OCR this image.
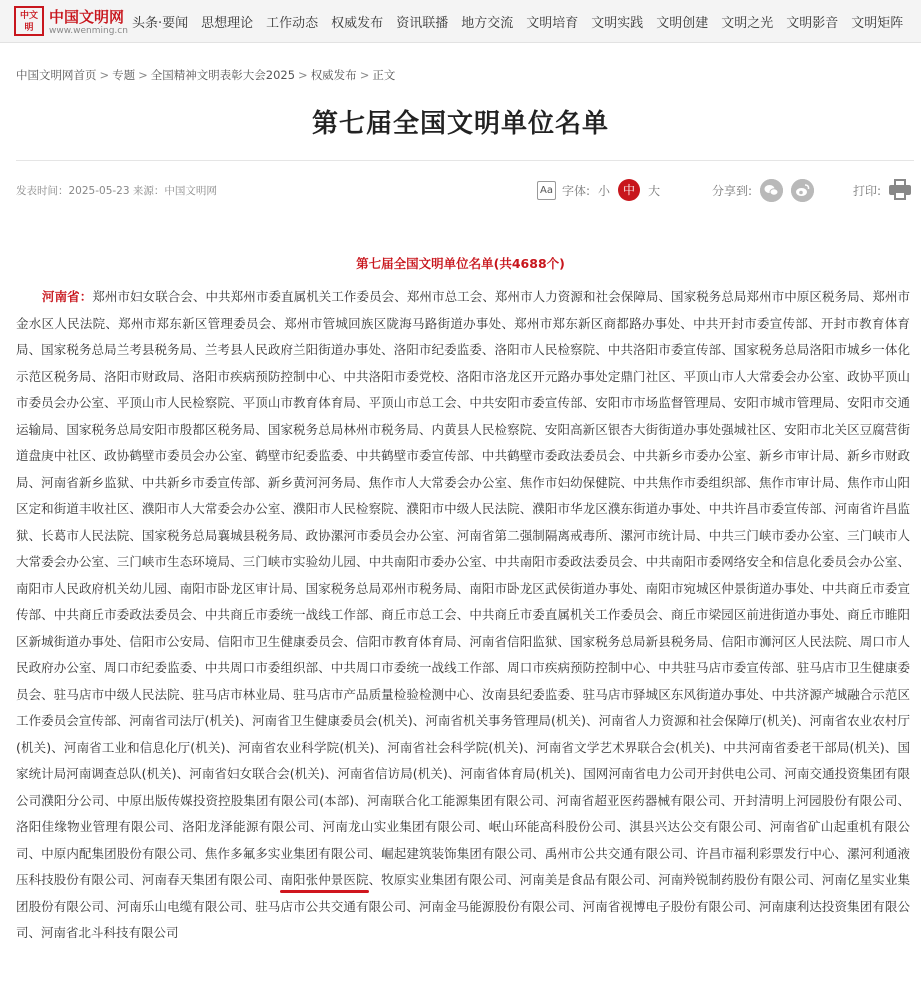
中文明
中国文明网
www.wenming.cn 头条·要闻 思想理论 工作动态 权威发布 资讯联播 地方交流 文明培育 文明实践 文明创建 文明之光 文明影音 文明矩阵
中国文明网首页 > 专题 > 全国精神文明表彰大会2025 > 权威发布 > 正文
第七届全国文明单位名单
发表时间：2025-05-23 来源：中国文明网	Aa 字体: 小	中	大	分享到:	打印:
第七届全国文明单位名单(共4688个)
河南省：郑州市妇女联合会、中共郑州市委直属机关工作委员会、郑州市总工会、郑州市人力资源和社会保障局、国家税务总局郑州市中原区税务局、郑州市金水区人民法院、郑州市郑东新区管理委员会、郑州市管城回族区陇海马路街道办事处、郑州市郑东新区商都路办事处、中共开封市委宣传部、开封市教育体育局、国家税务总局兰考县税务局、兰考县人民政府兰阳街道办事处、洛阳市纪委监委、洛阳市人民检察院、中共洛阳市委宣传部、国家税务总局洛阳市城乡一体化示范区税务局、洛阳市财政局、洛阳市疾病预防控制中心、中共洛阳市委党校、洛阳市洛龙区开元路办事处定鼎门社区、平顶山市人大常委会办公室、政协平顶山市委员会办公室、平顶山市人民检察院、平顶山市教育体育局、平顶山市总工会、中共安阳市委宣传部、安阳市市场监督管理局、安阳市城市管理局、安阳市交通运输局、国家税务总局安阳市殷都区税务局、国家税务总局林州市税务局、内黄县人民检察院、安阳高新区银杏大街街道办事处强城社区、安阳市北关区豆腐营街道盘庚中社区、政协鹤壁市委员会办公室、鹤壁市纪委监委、中共鹤壁市委宣传部、中共鹤壁市委政法委员会、中共新乡市委办公室、新乡市审计局、新乡市财政局、河南省新乡监狱、中共新乡市委宣传部、新乡黄河河务局、焦作市人大常委会办公室、焦作市妇幼保健院、中共焦作市委组织部、焦作市审计局、焦作市山阳区定和街道丰收社区、濮阳市人大常委会办公室、濮阳市人民检察院、濮阳市中级人民法院、濮阳市华龙区濮东街道办事处、中共许昌市委宣传部、河南省许昌监狱、长葛市人民法院、国家税务总局襄城县税务局、政协漯河市委员会办公室、河南省第二强制隔离戒毒所、漯河市统计局、中共三门峡市委办公室、三门峡市人大常委会办公室、三门峡市生态环境局、三门峡市实验幼儿园、中共南阳市委办公室、中共南阳市委政法委员会、中共南阳市委网络安全和信息化委员会办公室、南阳市人民政府机关幼儿园、南阳市卧龙区审计局、国家税务总局邓州市税务局、南阳市卧龙区武侯街道办事处、南阳市宛城区仲景街道办事处、中共商丘市委宣传部、中共商丘市委政法委员会、中共商丘市委统一战线工作部、商丘市总工会、中共商丘市委直属机关工作委员会、商丘市梁园区前进街道办事处、商丘市睢阳区新城街道办事处、信阳市公安局、信阳市卫生健康委员会、信阳市教育体育局、河南省信阳监狱、国家税务总局新县税务局、信阳市浉河区人民法院、周口市人民政府办公室、周口市纪委监委、中共周口市委组织部、中共周口市委统一战线工作部、周口市疾病预防控制中心、中共驻马店市委宣传部、驻马店市卫生健康委员会、驻马店市中级人民法院、驻马店市林业局、驻马店市产品质量检验检测中心、汝南县纪委监委、驻马店市驿城区东风街道办事处、中共济源产城融合示范区工作委员会宣传部、河南省司法厅(机关)、河南省卫生健康委员会(机关)、河南省机关事务管理局(机关)、河南省人力资源和社会保障厅(机关)、河南省农业农村厅(机关)、河南省工业和信息化厅(机关)、河南省农业科学院(机关)、河南省社会科学院(机关)、河南省文学艺术界联合会(机关)、中共河南省委老干部局(机关)、国家统计局河南调查总队(机关)、河南省妇女联合会(机关)、河南省信访局(机关)、河南省体育局(机关)、国网河南省电力公司开封供电公司、河南交通投资集团有限公司濮阳分公司、中原出版传媒投资控股集团有限公司(本部)、河南联合化工能源集团有限公司、河南省超亚医药器械有限公司、开封清明上河园股份有限公司、洛阳佳缘物业管理有限公司、洛阳龙泽能源有限公司、河南龙山实业集团有限公司、岷山环能高科股份公司、淇县兴达公交有限公司、河南省矿山起重机有限公司、中原内配集团股份有限公司、焦作多氟多实业集团有限公司、崛起建筑装饰集团有限公司、禹州市公共交通有限公司、许昌市福利彩票发行中心、漯河利通液压科技股份有限公司、河南春天集团有限公司、南阳张仲景医院、牧原实业集团有限公司、河南美是食品有限公司、河南羚锐制药股份有限公司、河南亿星实业集团股份有限公司、河南乐山电缆有限公司、驻马店市公共交通有限公司、河南金马能源股份有限公司、河南省视博电子股份有限公司、河南康利达投资集团有限公司、河南省北斗科技有限公司
